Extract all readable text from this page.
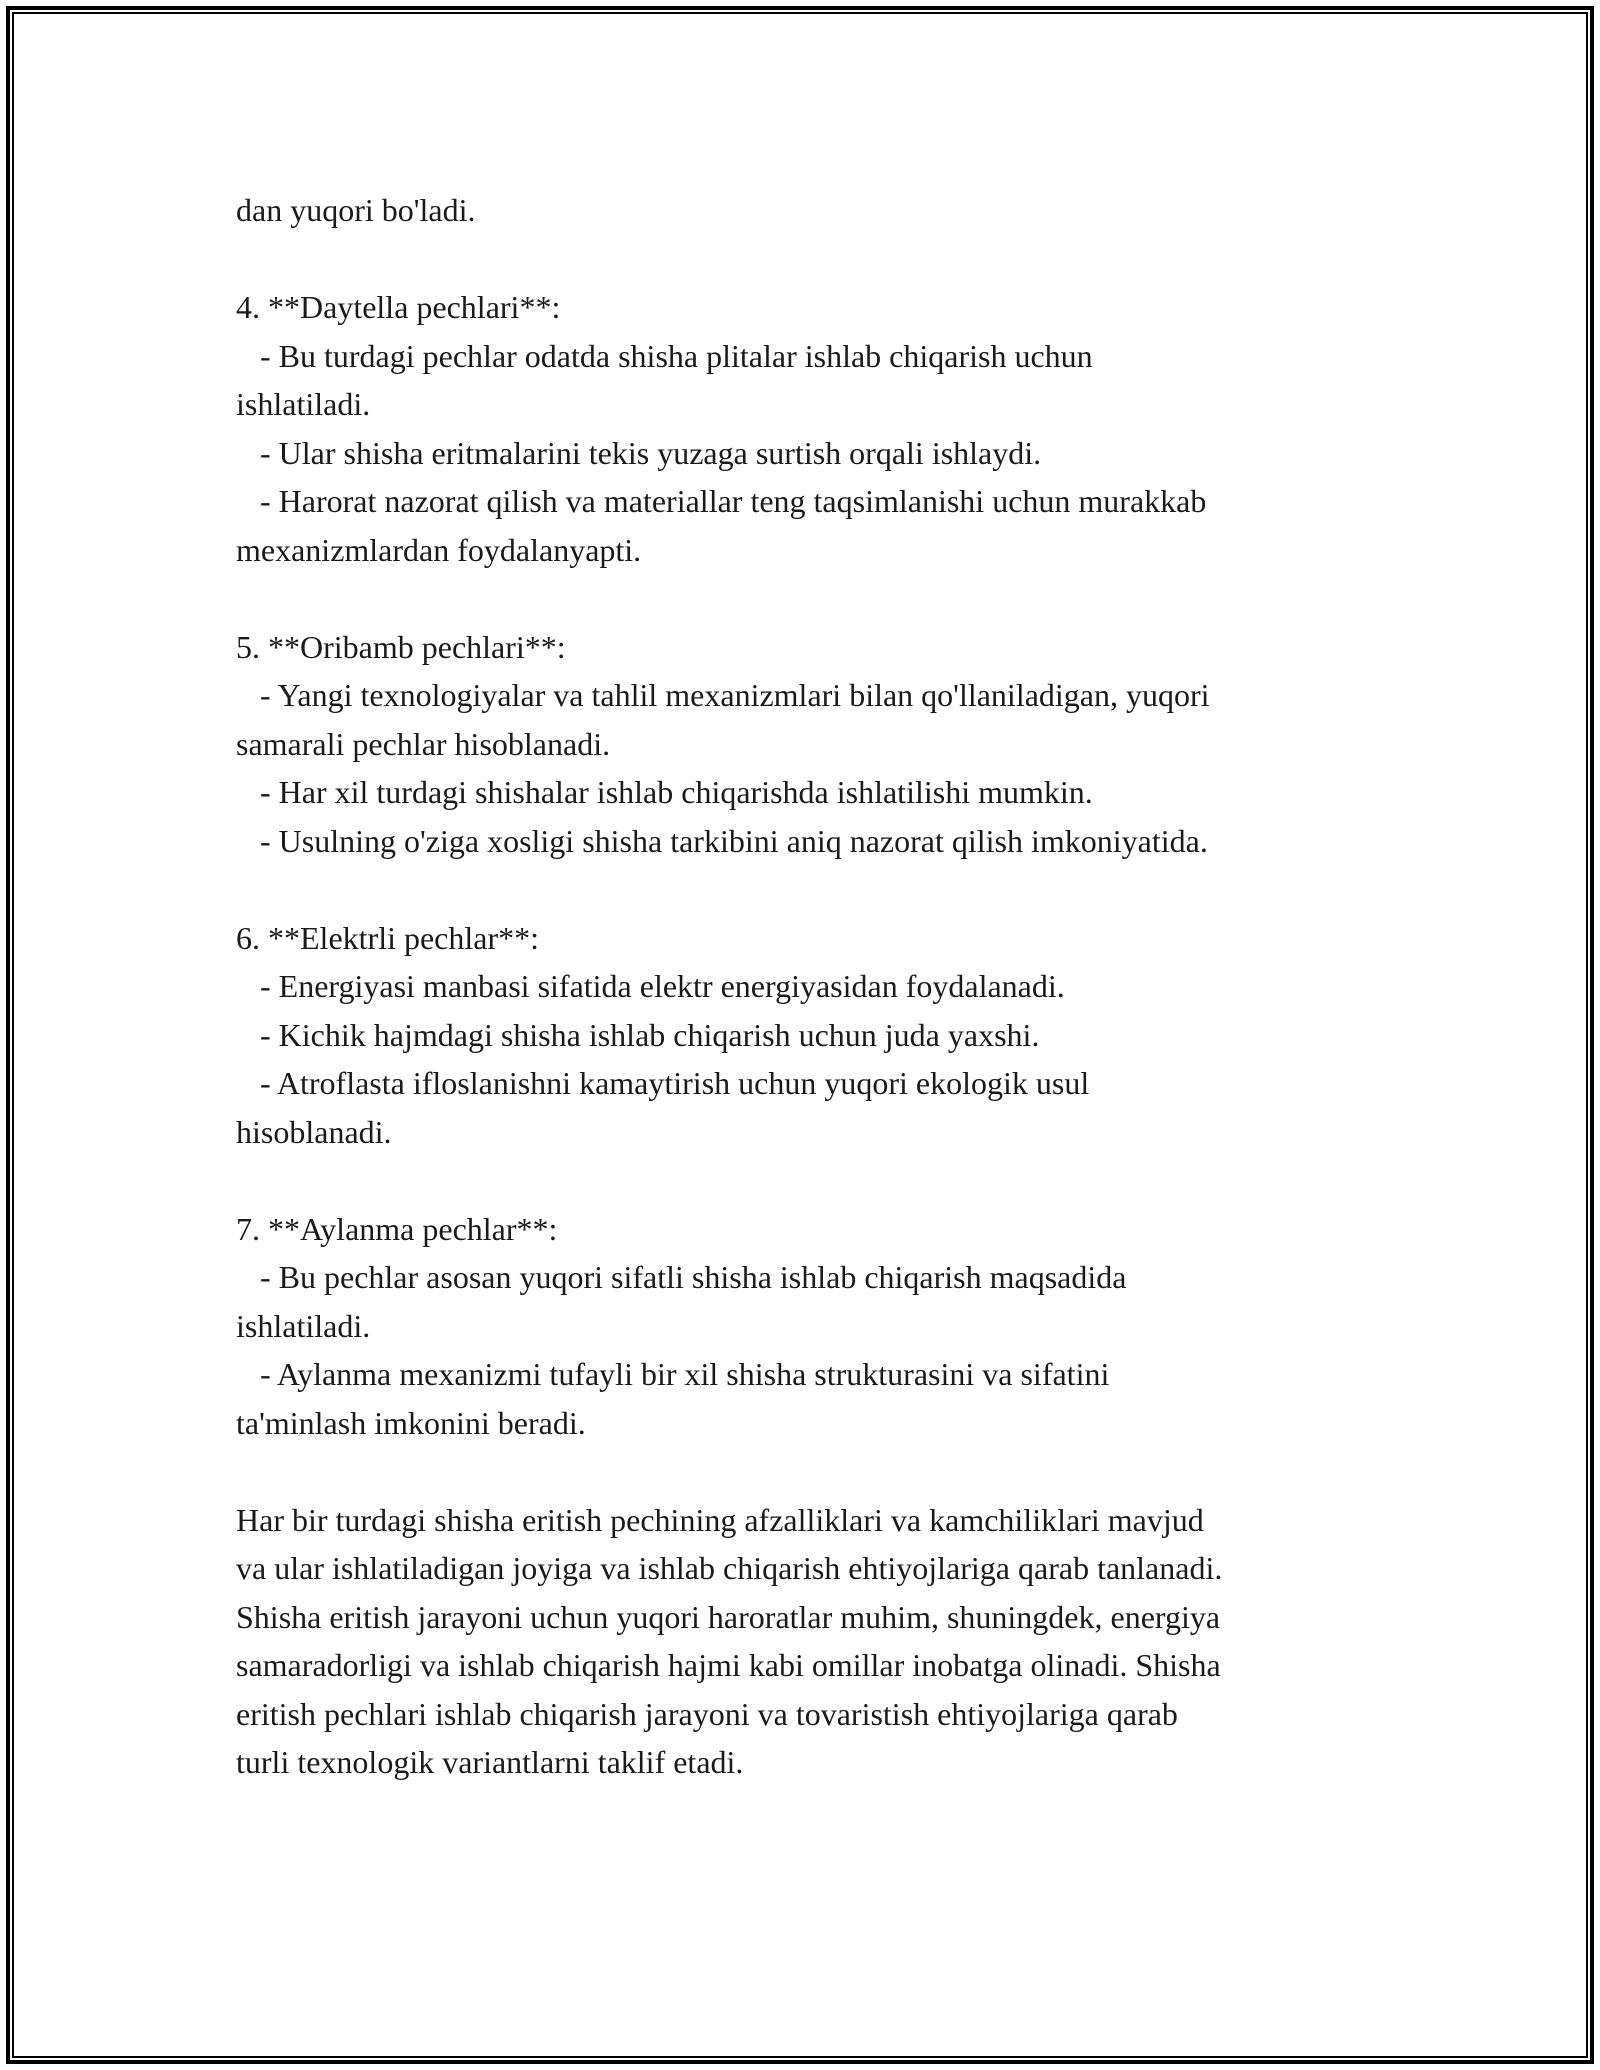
dan yuqori bo'ladi.
4. **Daytella pechlari**:
- Bu turdagi pechlar odatda shisha plitalar ishlab chiqarish uchun
ishlatiladi.
- Ular shisha eritmalarini tekis yuzaga surtish orqali ishlaydi.
- Harorat nazorat qilish va materiallar teng taqsimlanishi uchun murakkab
mexanizmlardan foydalanyapti.
5. **Oribamb pechlari**:
- Yangi texnologiyalar va tahlil mexanizmlari bilan qo'llaniladigan, yuqori
samarali pechlar hisoblanadi.
- Har xil turdagi shishalar ishlab chiqarishda ishlatilishi mumkin.
- Usulning o'ziga xosligi shisha tarkibini aniq nazorat qilish imkoniyatida.
6. **Elektrli pechlar**:
- Energiyasi manbasi sifatida elektr energiyasidan foydalanadi.
- Kichik hajmdagi shisha ishlab chiqarish uchun juda yaxshi.
- Atroflasta ifloslanishni kamaytirish uchun yuqori ekologik usul
hisoblanadi.
7. **Aylanma pechlar**:
- Bu pechlar asosan yuqori sifatli shisha ishlab chiqarish maqsadida
ishlatiladi.
- Aylanma mexanizmi tufayli bir xil shisha strukturasini va sifatini
ta'minlash imkonini beradi.
Har bir turdagi shisha eritish pechining afzalliklari va kamchiliklari mavjud
va ular ishlatiladigan joyiga va ishlab chiqarish ehtiyojlariga qarab tanlanadi.
Shisha eritish jarayoni uchun yuqori haroratlar muhim, shuningdek, energiya
samaradorligi va ishlab chiqarish hajmi kabi omillar inobatga olinadi. Shisha
eritish pechlari ishlab chiqarish jarayoni va tovaristish ehtiyojlariga qarab
turli texnologik variantlarni taklif etadi.
